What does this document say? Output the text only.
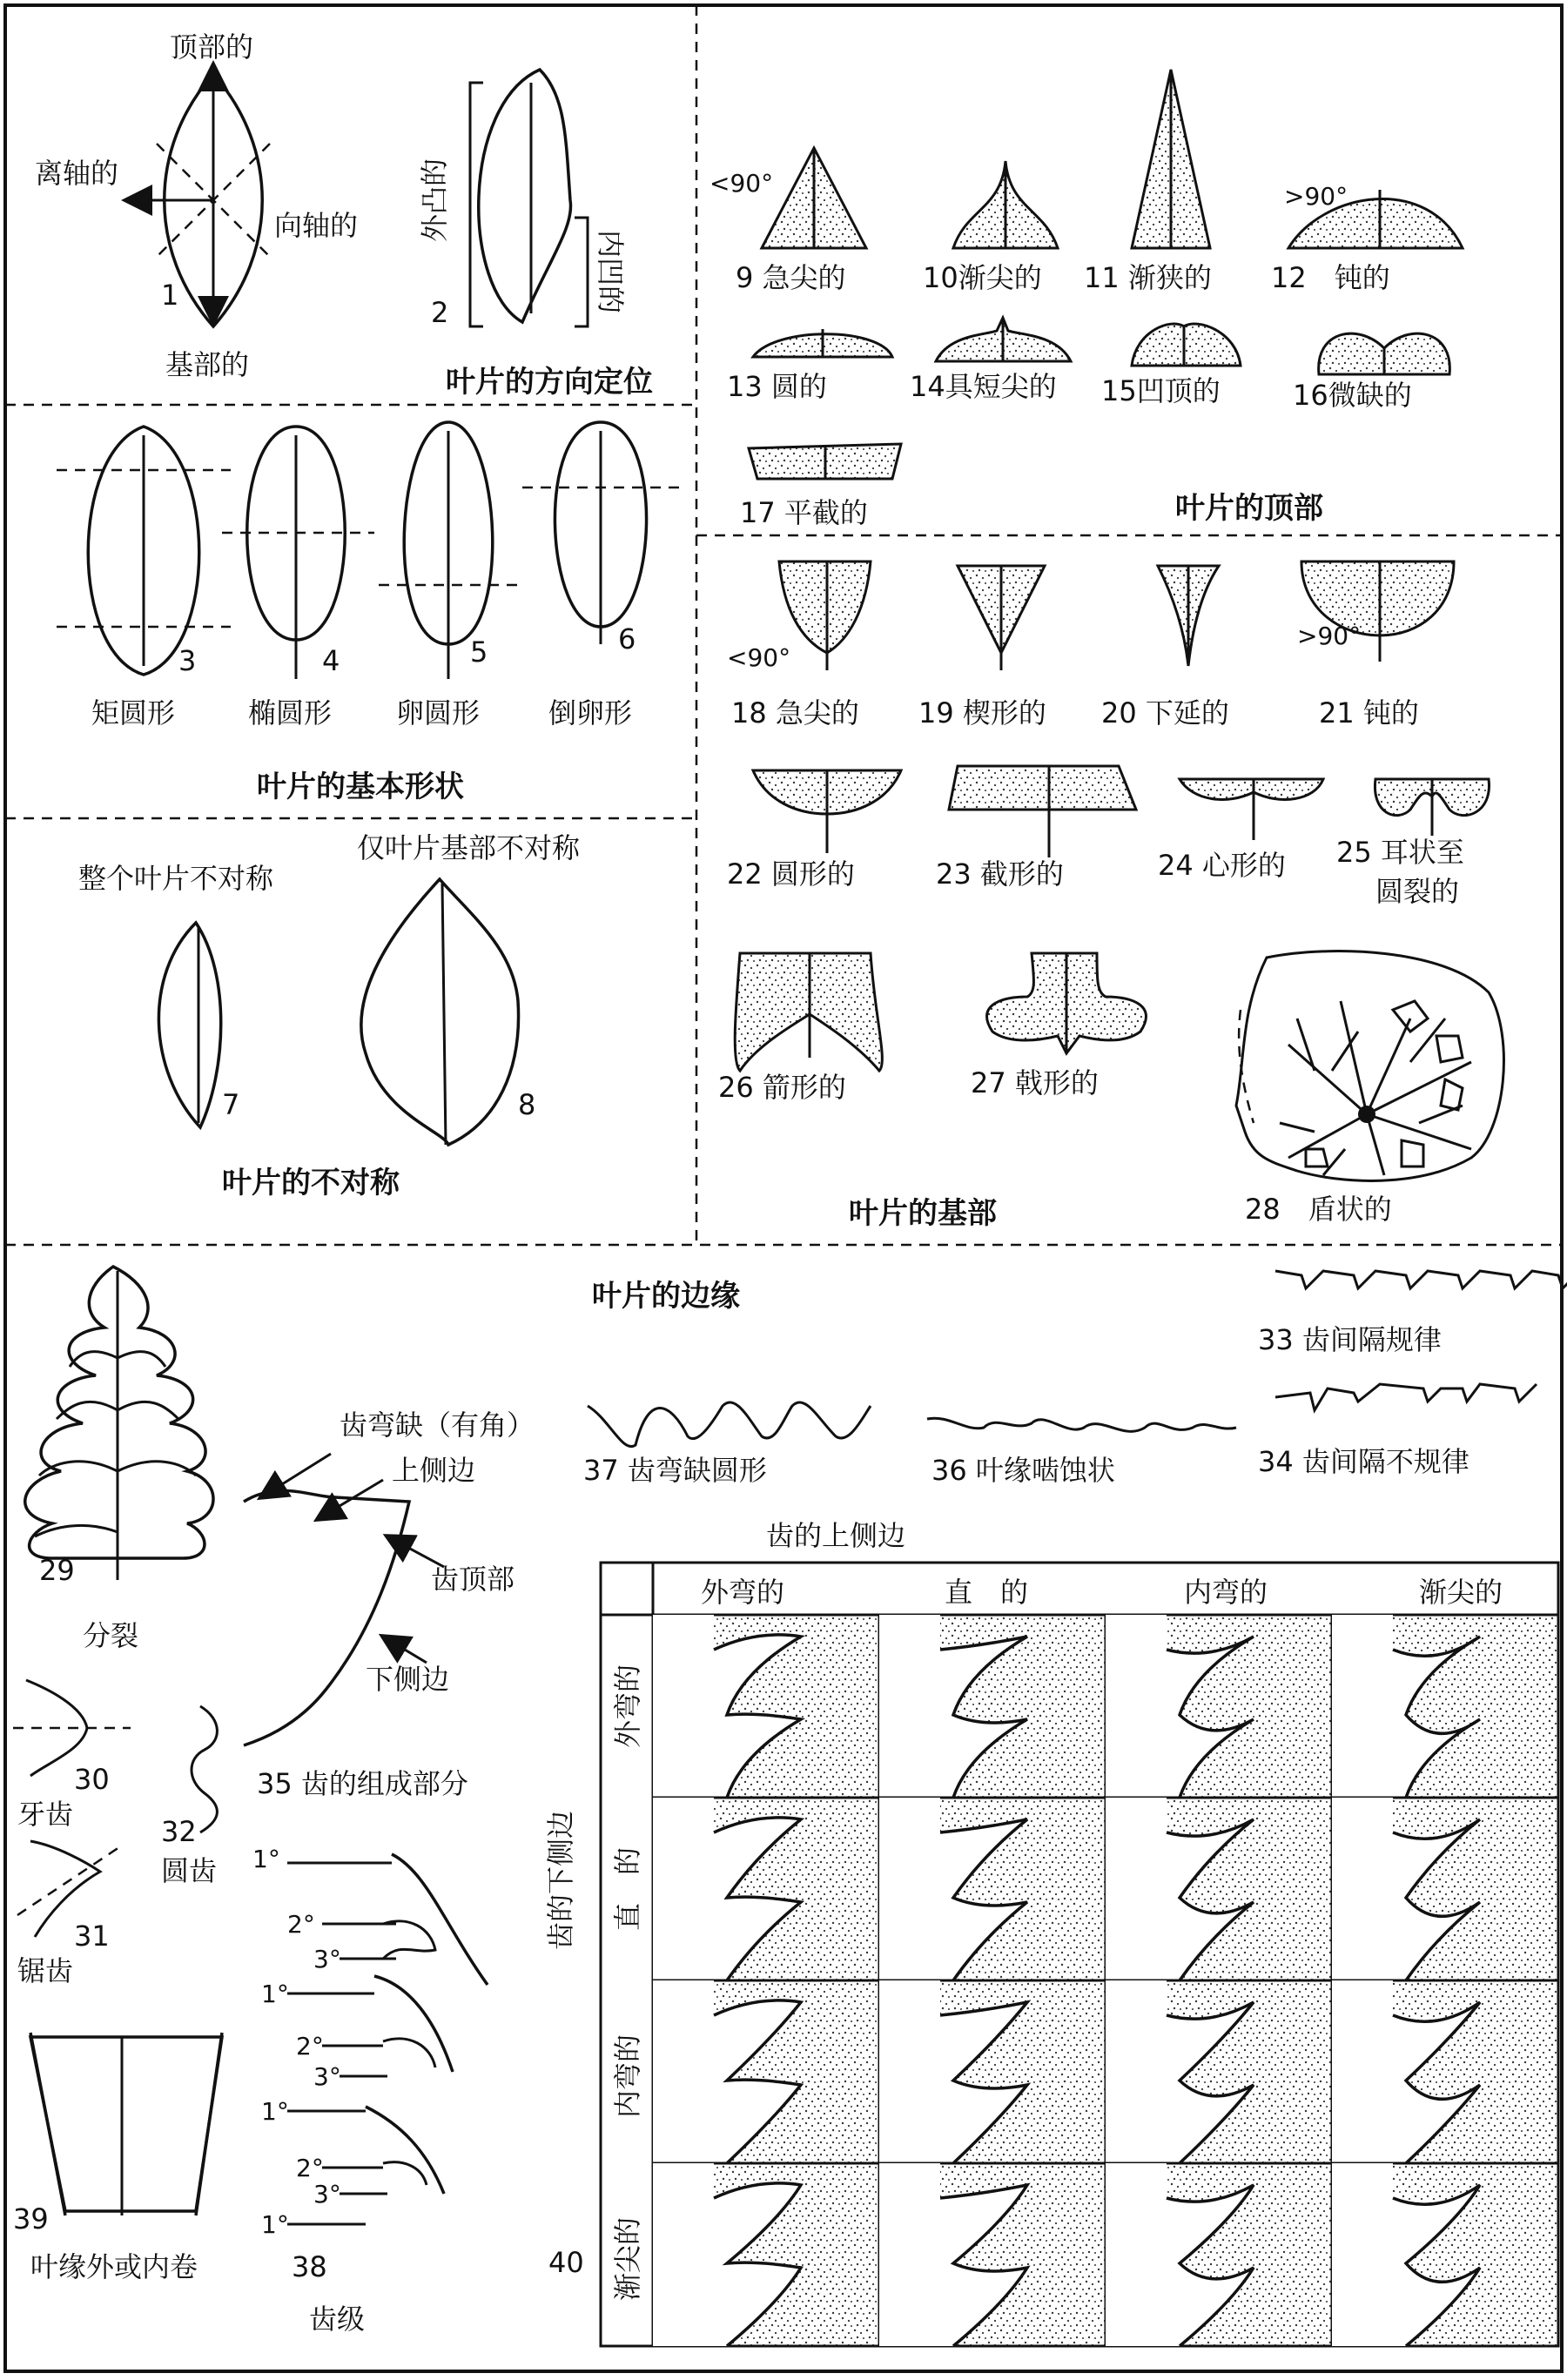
顶部的
基部的
离轴的
向轴的
1
外凸的
内凹的
2
叶片的方向定位
3	4	5	6
矩圆形	椭圆形 卵圆形 倒卵形
叶片的基本形状
整个叶片不对称
仅叶片基部不对称
7	8
叶片的不对称
<90°	>90°
9 急尖的	10渐尖的 11 渐狭的 12　钝的
13 圆的	14具短尖的 15凹顶的	16微缺的
17 平截的	叶片的顶部
<90°
>90°
18 急尖的 19 楔形的 20 下延的	21 钝的
22 圆形的	23 截形的	24 心形的 25 耳状至
圆裂的
26 箭形的	27 戟形的
28　盾状的
叶片的基部
叶片的边缘
29
分裂
30
牙齿
31
锯齿
32
圆齿
39
叶缘外或内卷
齿弯缺（有角）
上侧边
齿顶部
下侧边
35 齿的组成部分
1°
2°
3°
1°
2°
3°
1°
2°
3°
1°
38
齿级
33 齿间隔规律
34 齿间隔不规律
36 叶缘啮蚀状
37 齿弯缺圆形
齿的上侧边
齿的下侧边
40
外弯的	直　的	内弯的	渐尖的
外弯的
直　的
内弯的
渐尖的
